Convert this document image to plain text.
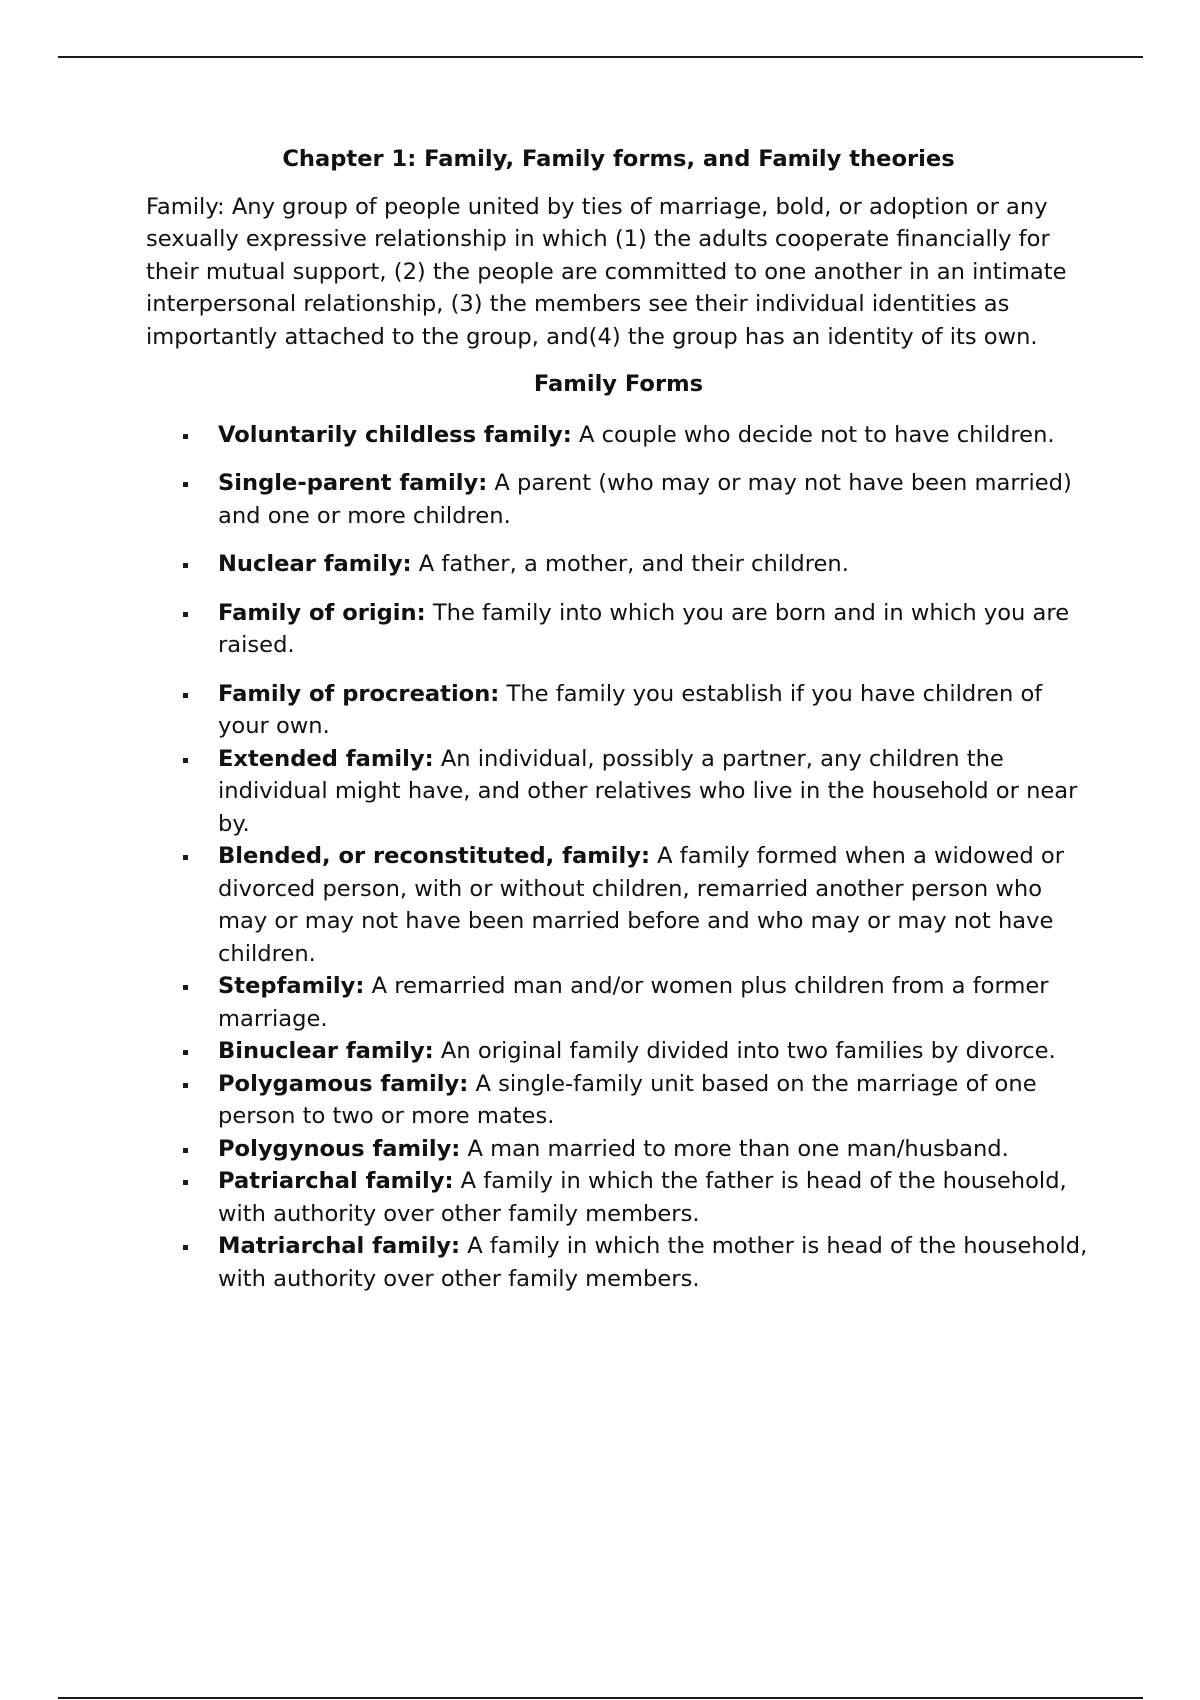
Chapter 1: Family, Family forms, and Family theories

Family: Any group of people united by ties of marriage, bold, or adoption or any sexually expressive relationship in which (1) the adults cooperate financially for their mutual support, (2) the people are committed to one another in an intimate interpersonal relationship, (3) the members see their individual identities as importantly attached to the group, and(4) the group has an identity of its own.

Family Forms
Voluntarily childless family: A couple who decide not to have children.
Single-parent family: A parent (who may or may not have been married) and one or more children.
Nuclear family: A father, a mother, and their children.
Family of origin: The family into which you are born and in which you are raised.
Family of procreation: The family you establish if you have children of your own.
Extended family: An individual, possibly a partner, any children the individual might have, and other relatives who live in the household or near by.
Blended, or reconstituted, family: A family formed when a widowed or divorced person, with or without children, remarried another person who may or may not have been married before and who may or may not have children.
Stepfamily: A remarried man and/or women plus children from a former marriage.
Binuclear family: An original family divided into two families by divorce.
Polygamous family: A single-family unit based on the marriage of one person to two or more mates.
Polygynous family: A man married to more than one man/husband.
Patriarchal family: A family in which the father is head of the household, with authority over other family members.
Matriarchal family: A family in which the mother is head of the household, with authority over other family members.
